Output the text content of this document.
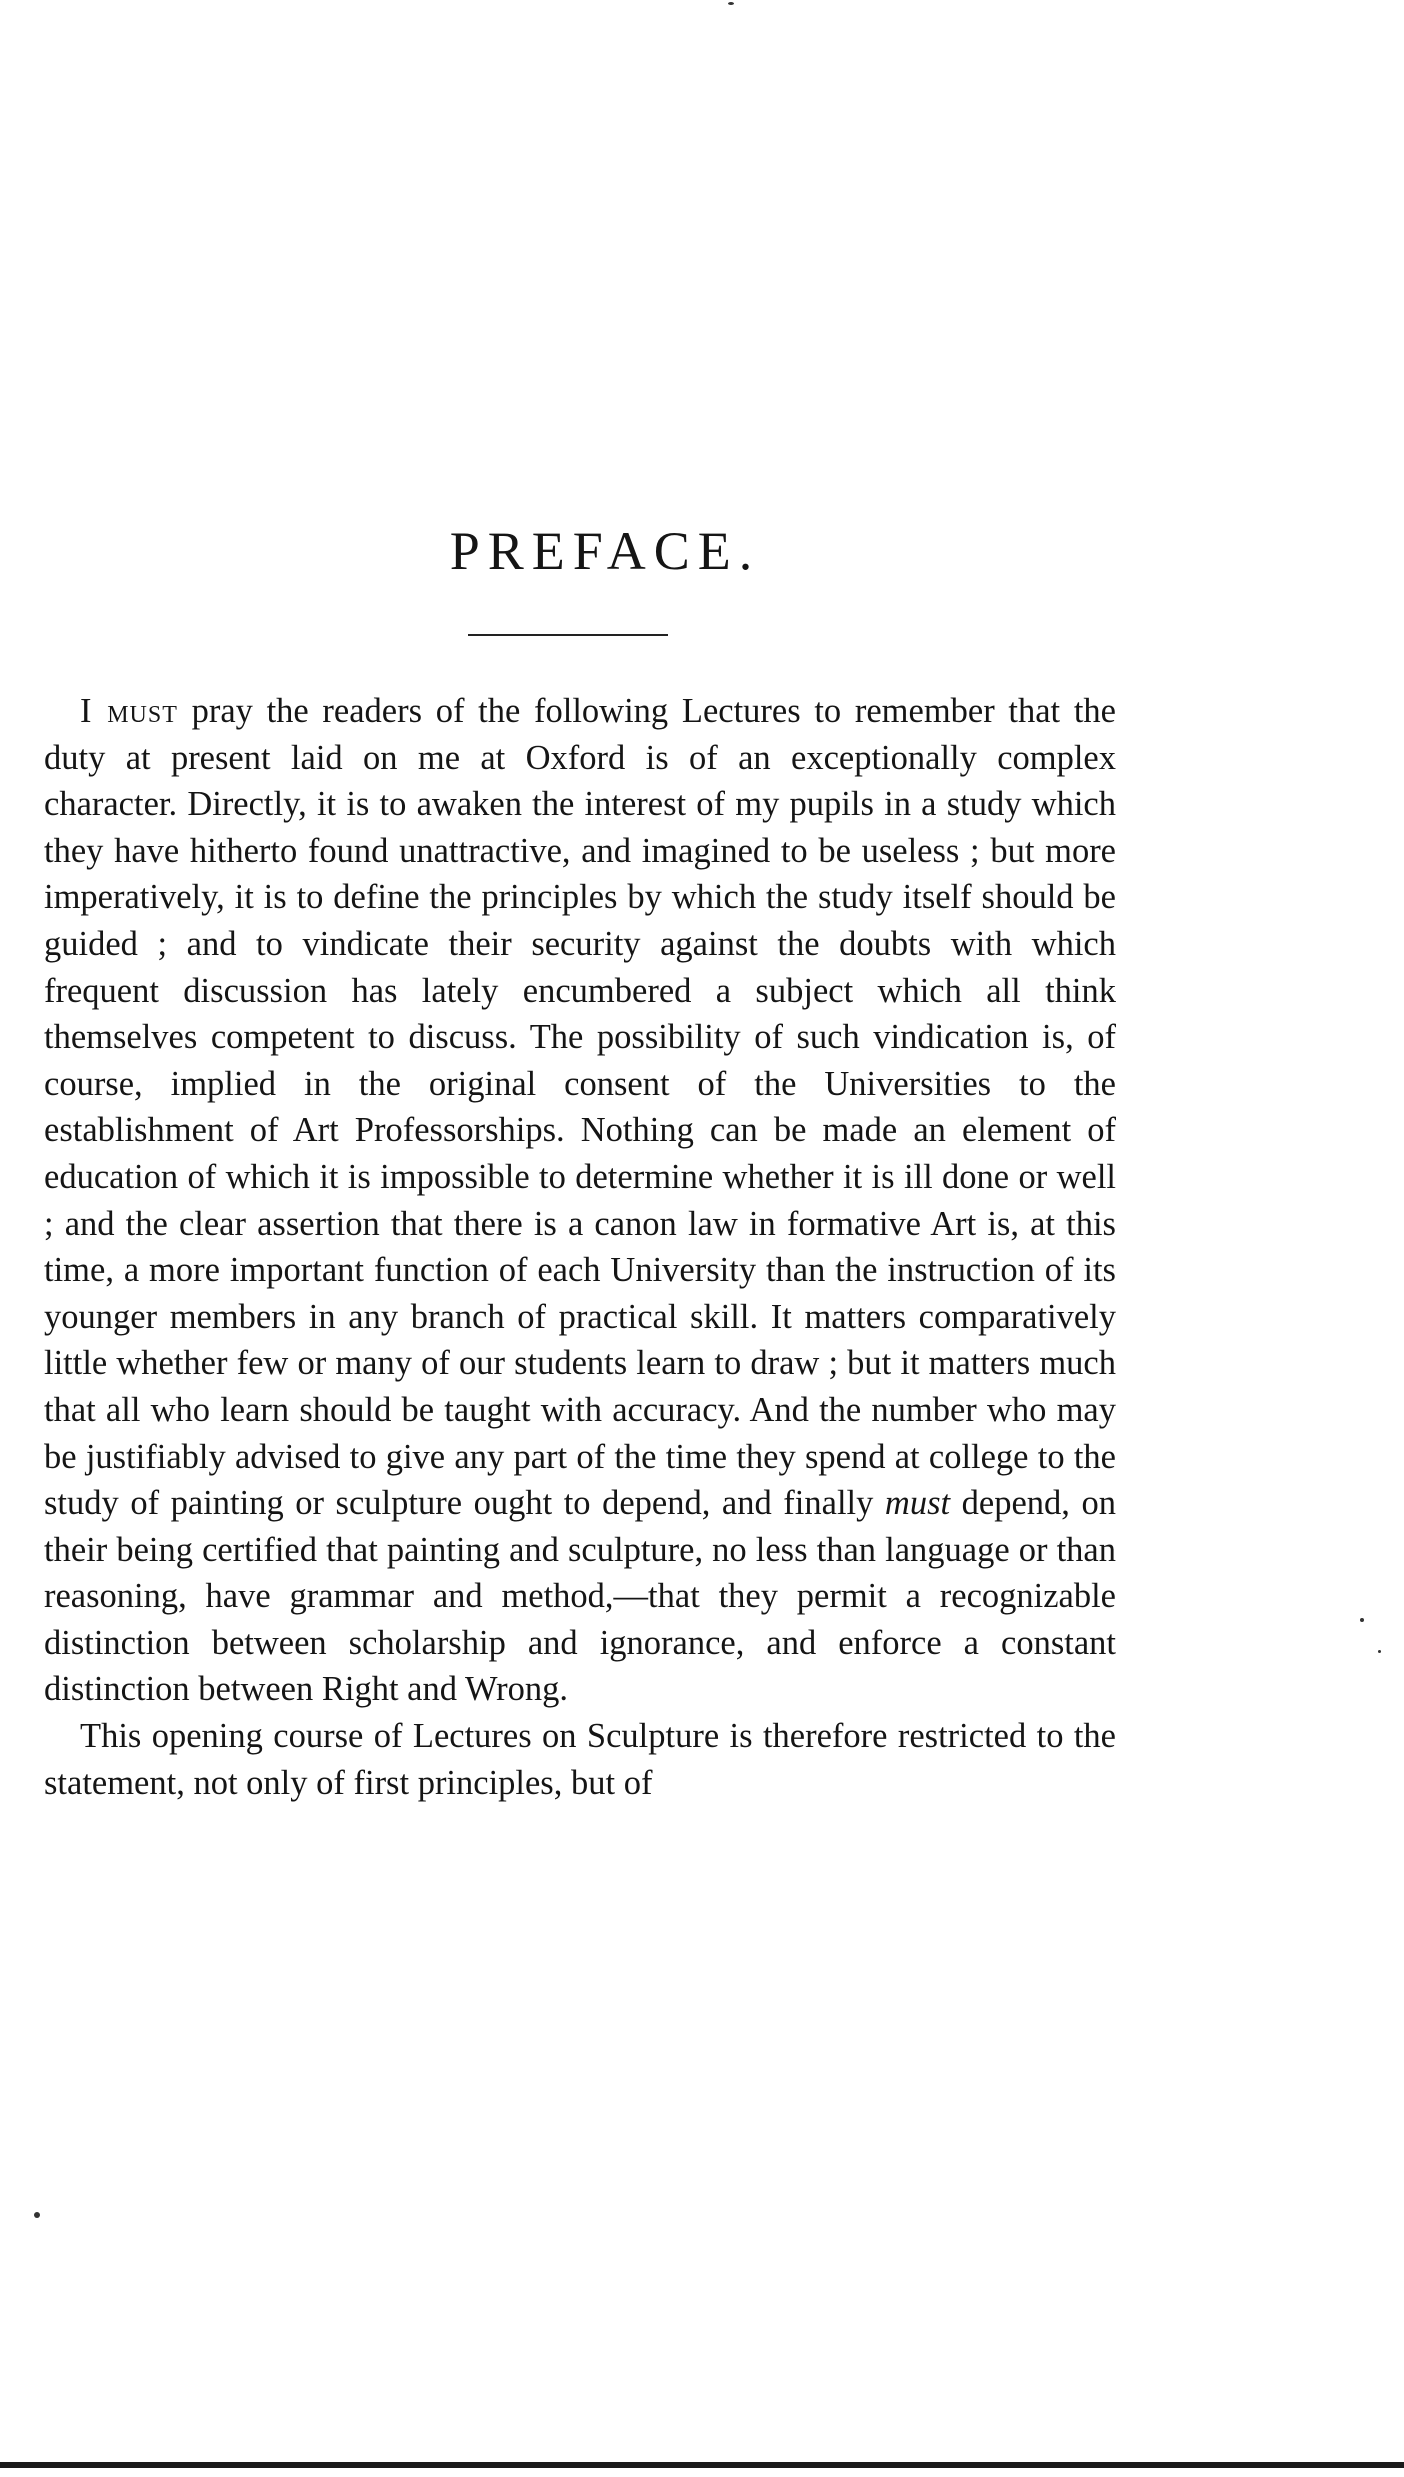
PREFACE.

I must pray the readers of the following Lectures to remember that the duty at present laid on me at Oxford is of an exceptionally complex character. Directly, it is to awaken the interest of my pupils in a study which they have hitherto found unattractive, and imagined to be useless ; but more imperatively, it is to define the principles by which the study itself should be guided ; and to vindicate their security against the doubts with which frequent discussion has lately encumbered a subject which all think themselves competent to discuss. The possibility of such vindication is, of course, implied in the original consent of the Universities to the establishment of Art Professorships. Nothing can be made an element of education of which it is impossible to determine whether it is ill done or well ; and the clear assertion that there is a canon law in formative Art is, at this time, a more important function of each University than the instruction of its younger members in any branch of practical skill. It matters comparatively little whether few or many of our students learn to draw ; but it matters much that all who learn should be taught with accuracy. And the number who may be justifiably advised to give any part of the time they spend at college to the study of painting or sculpture ought to depend, and finally must depend, on their being certified that painting and sculpture, no less than language or than reasoning, have grammar and method,—that they permit a recognizable distinction between scholarship and ignorance, and enforce a constant distinction between Right and Wrong.

This opening course of Lectures on Sculpture is therefore restricted to the statement, not only of first principles, but of
